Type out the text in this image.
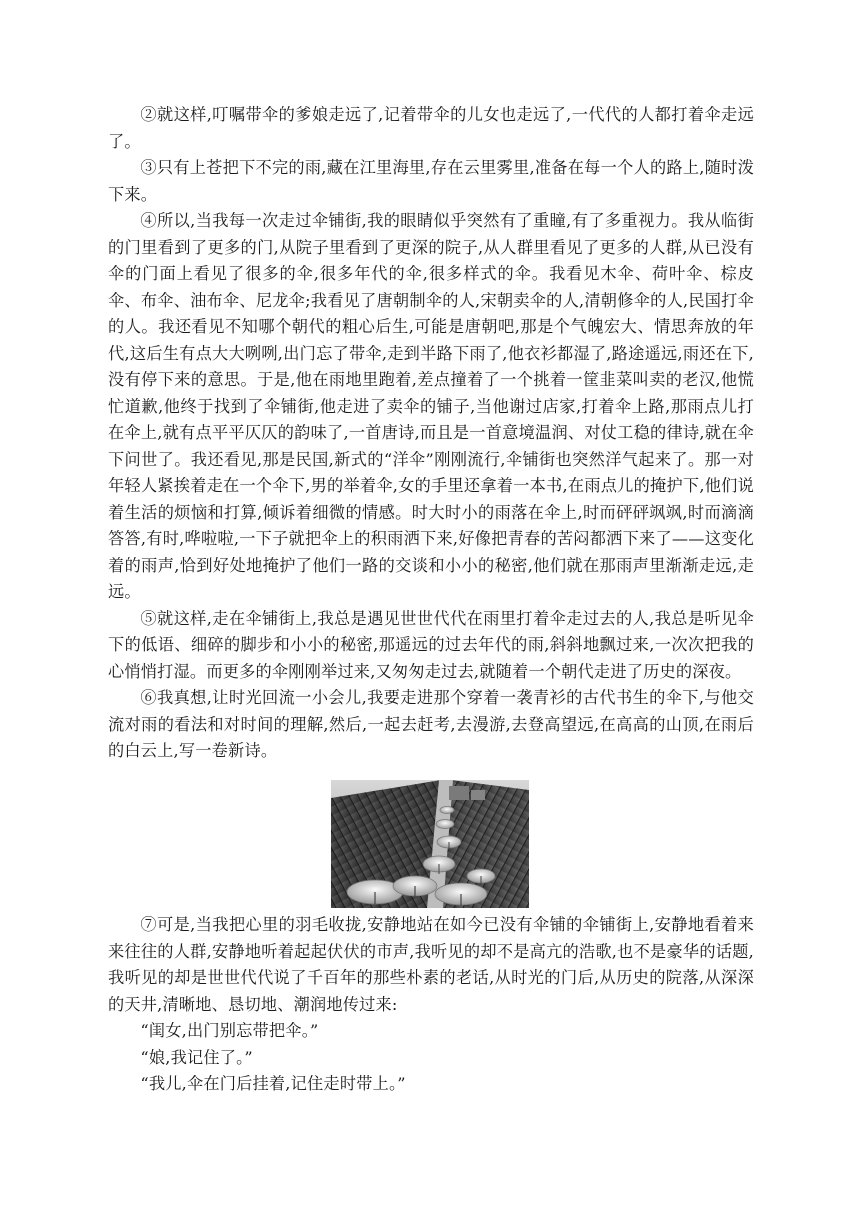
②就这样,叮嘱带伞的爹娘走远了,记着带伞的儿女也走远了,一代代的人都打着伞走远了。

③只有上苍把下不完的雨,藏在江里海里,存在云里雾里,准备在每一个人的路上,随时泼下来。

④所以,当我每一次走过伞铺街,我的眼睛似乎突然有了重瞳,有了多重视力。我从临街的门里看到了更多的门,从院子里看到了更深的院子,从人群里看见了更多的人群,从已没有伞的门面上看见了很多的伞,很多年代的伞,很多样式的伞。我看见木伞、荷叶伞、棕皮伞、布伞、油布伞、尼龙伞;我看见了唐朝制伞的人,宋朝卖伞的人,清朝修伞的人,民国打伞的人。我还看见不知哪个朝代的粗心后生,可能是唐朝吧,那是个气魄宏大、情思奔放的年代,这后生有点大大咧咧,出门忘了带伞,走到半路下雨了,他衣衫都湿了,路途遥远,雨还在下,没有停下来的意思。于是,他在雨地里跑着,差点撞着了一个挑着一筐韭菜叫卖的老汉,他慌忙道歉,他终于找到了伞铺街,他走进了卖伞的铺子,当他谢过店家,打着伞上路,那雨点儿打在伞上,就有点平平仄仄的韵味了,一首唐诗,而且是一首意境温润、对仗工稳的律诗,就在伞下问世了。我还看见,那是民国,新式的“洋伞”刚刚流行,伞铺街也突然洋气起来了。那一对年轻人紧挨着走在一个伞下,男的举着伞,女的手里还拿着一本书,在雨点儿的掩护下,他们说着生活的烦恼和打算,倾诉着细微的情感。时大时小的雨落在伞上,时而砰砰飒飒,时而滴滴答答,有时,哗啦啦,一下子就把伞上的积雨洒下来,好像把青春的苦闷都洒下来了——这变化着的雨声,恰到好处地掩护了他们一路的交谈和小小的秘密,他们就在那雨声里渐渐走远,走远。

⑤就这样,走在伞铺街上,我总是遇见世世代代在雨里打着伞走过去的人,我总是听见伞下的低语、细碎的脚步和小小的秘密,那遥远的过去年代的雨,斜斜地飘过来,一次次把我的心悄悄打湿。而更多的伞刚刚举过来,又匆匆走过去,就随着一个朝代走进了历史的深夜。

⑥我真想,让时光回流一小会儿,我要走进那个穿着一袭青衫的古代书生的伞下,与他交流对雨的看法和对时间的理解,然后,一起去赶考,去漫游,去登高望远,在高高的山顶,在雨后的白云上,写一卷新诗。

⑦可是,当我把心里的羽毛收拢,安静地站在如今已没有伞铺的伞铺街上,安静地看着来来往往的人群,安静地听着起起伏伏的市声,我听见的却不是高亢的浩歌,也不是豪华的话题,我听见的却是世世代代说了千百年的那些朴素的老话,从时光的门后,从历史的院落,从深深的天井,清晰地、恳切地、潮润地传过来:

“闺女,出门别忘带把伞。”

“娘,我记住了。”

“我儿,伞在门后挂着,记住走时带上。”
